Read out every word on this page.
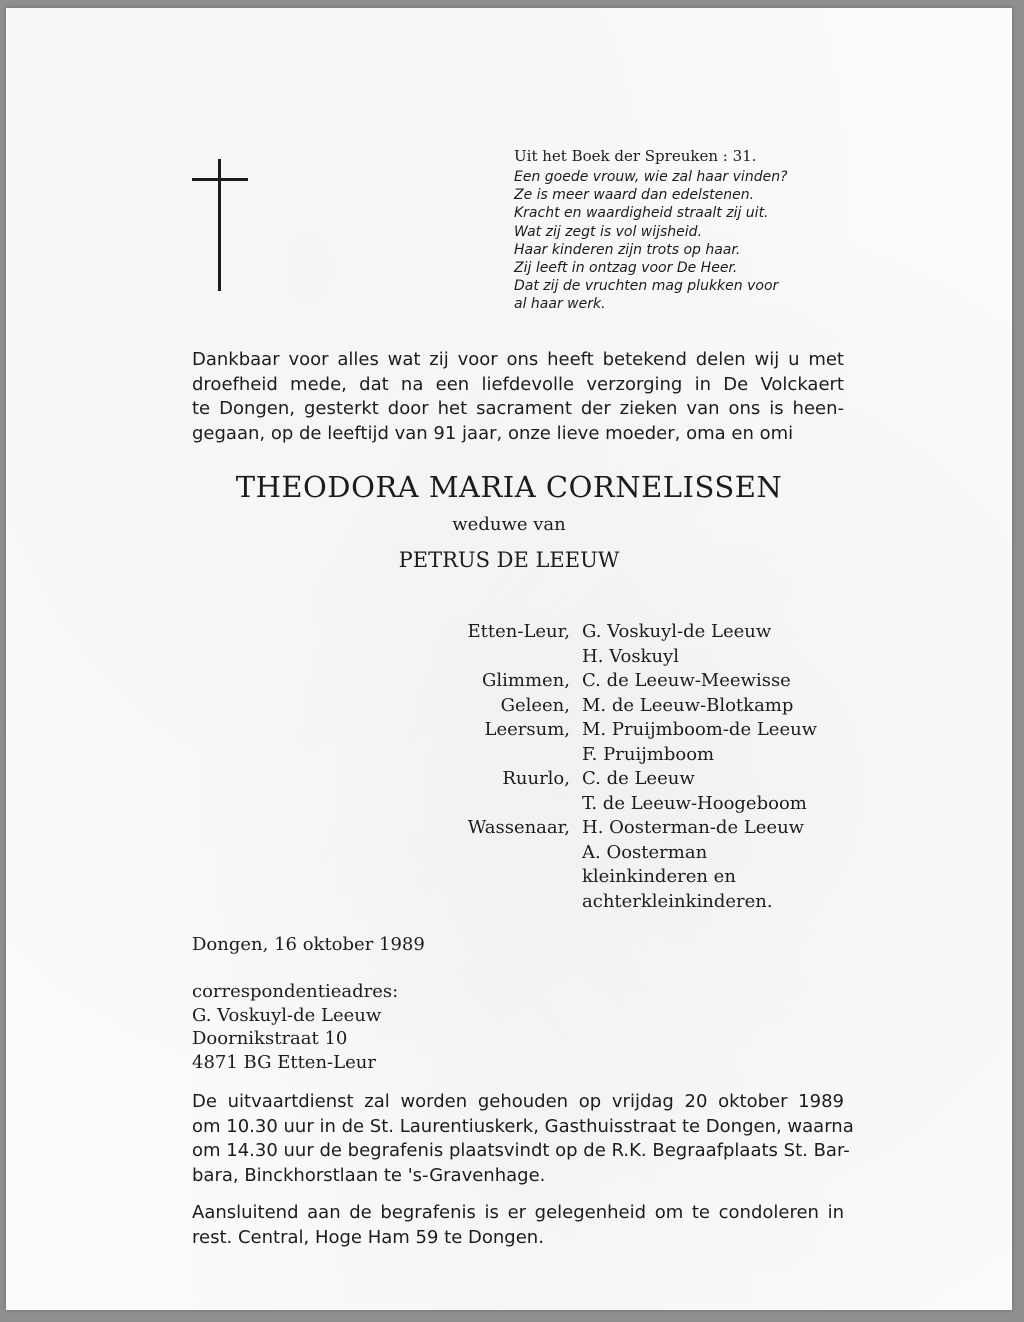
Uit het Boek der Spreuken : 31.
Een goede vrouw, wie zal haar vinden?
Ze is meer waard dan edelstenen.
Kracht en waardigheid straalt zij uit.
Wat zij zegt is vol wijsheid.
Haar kinderen zijn trots op haar.
Zij leeft in ontzag voor De Heer.
Dat zij de vruchten mag plukken voor
al haar werk.
Dankbaar voor alles wat zij voor ons heeft betekend delen wij u met
droefheid mede, dat na een liefdevolle verzorging in De Volckaert
te Dongen, gesterkt door het sacrament der zieken van ons is heen-
gegaan, op de leeftijd van 91 jaar, onze lieve moeder, oma en omi
THEODORA MARIA CORNELISSEN
weduwe van
PETRUS DE LEEUW
Etten-Leur, G. Voskuyl-de Leeuw
H. Voskuyl
Glimmen, C. de Leeuw-Meewisse
Geleen, M. de Leeuw-Blotkamp
Leersum, M. Pruijmboom-de Leeuw
F. Pruijmboom
Ruurlo, C. de Leeuw
T. de Leeuw-Hoogeboom
Wassenaar, H. Oosterman-de Leeuw
A. Oosterman
kleinkinderen en
achterkleinkinderen.
Dongen, 16 oktober 1989
correspondentieadres:
G. Voskuyl-de Leeuw
Doornikstraat 10
4871 BG Etten-Leur
De uitvaartdienst zal worden gehouden op vrijdag 20 oktober 1989
om 10.30 uur in de St. Laurentiuskerk, Gasthuisstraat te Dongen, waarna
om 14.30 uur de begrafenis plaatsvindt op de R.K. Begraafplaats St. Bar-
bara, Binckhorstlaan te 's-Gravenhage.
Aansluitend aan de begrafenis is er gelegenheid om te condoleren in
rest. Central, Hoge Ham 59 te Dongen.
